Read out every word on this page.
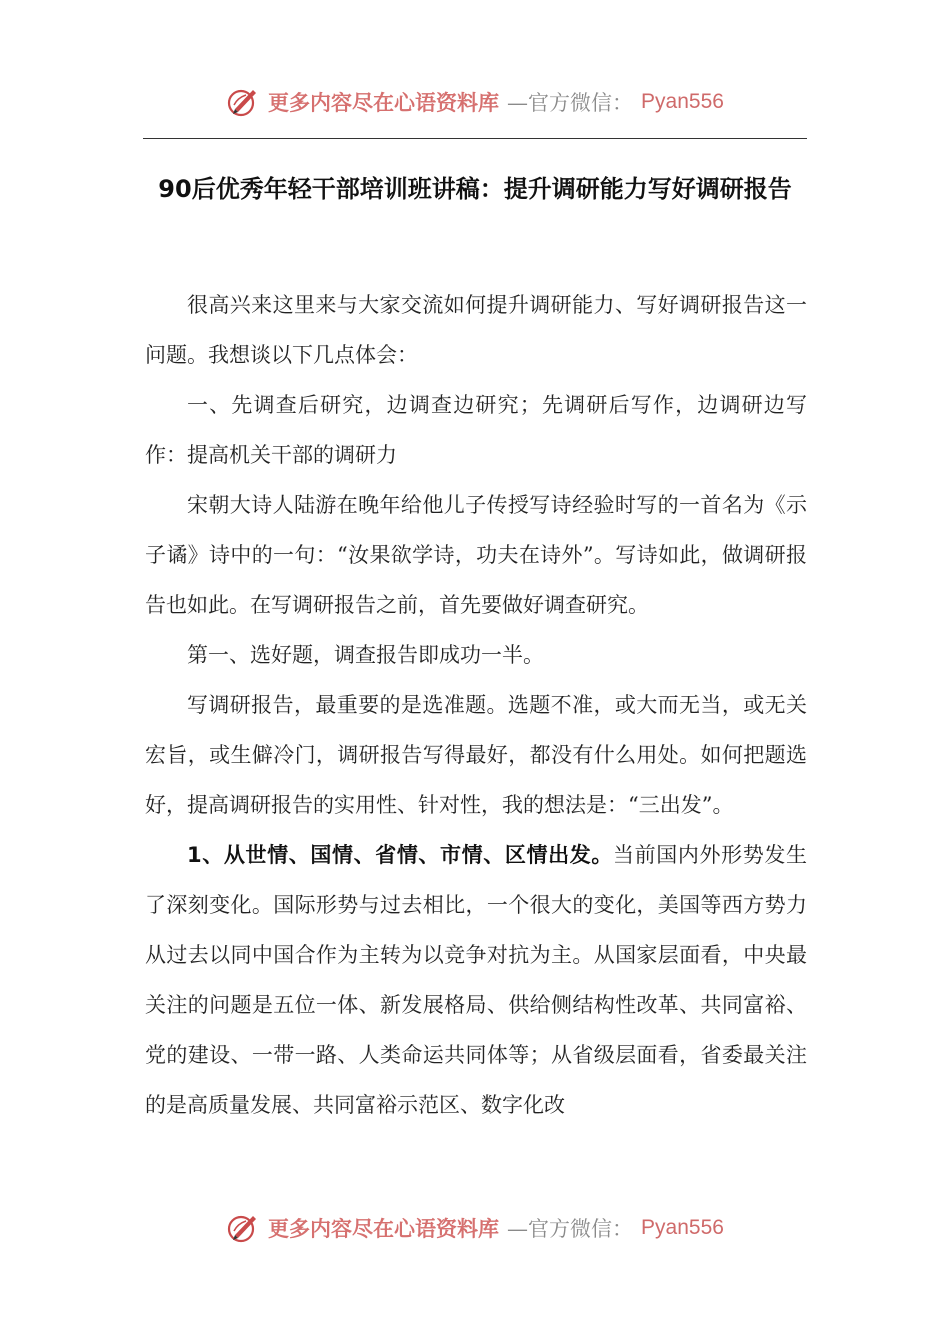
更多内容尽在心语资料库 —官方微信： Pyan556
90后优秀年轻干部培训班讲稿：提升调研能力写好调研报告

很高兴来这里来与大家交流如何提升调研能力、写好调研报告这一问题。我想谈以下几点体会：

一、先调查后研究，边调查边研究；先调研后写作，边调研边写作：提高机关干部的调研力

宋朝大诗人陆游在晚年给他儿子传授写诗经验时写的一首名为《示子谲》诗中的一句：“汝果欲学诗，功夫在诗外”。写诗如此，做调研报告也如此。在写调研报告之前，首先要做好调查研究。

第一、选好题，调查报告即成功一半。

写调研报告，最重要的是选准题。选题不准，或大而无当，或无关宏旨，或生僻冷门，调研报告写得最好，都没有什么用处。如何把题选好，提高调研报告的实用性、针对性，我的想法是：“三出发”。

1、从世情、国情、省情、市情、区情出发。当前国内外形势发生了深刻变化。国际形势与过去相比，一个很大的变化，美国等西方势力从过去以同中国合作为主转为以竞争对抗为主。从国家层面看，中央最关注的问题是五位一体、新发展格局、供给侧结构性改革、共同富裕、党的建设、一带一路、人类命运共同体等；从省级层面看，省委最关注的是高质量发展、共同富裕示范区、数字化改

更多内容尽在心语资料库 —官方微信： Pyan556
